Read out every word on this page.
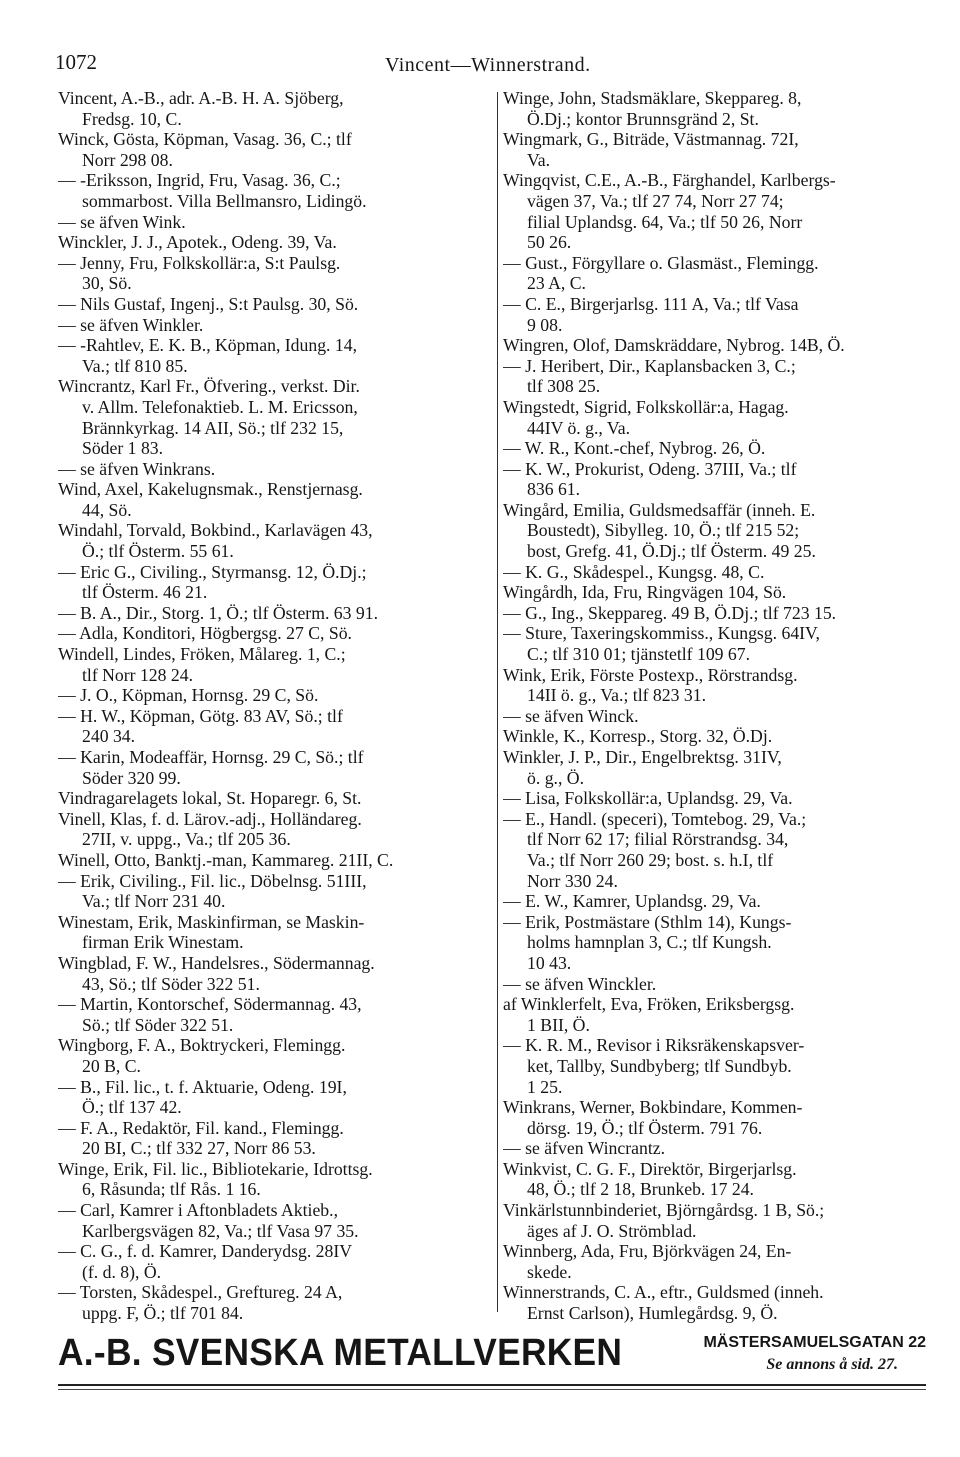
1072	Vincent—Winnerstrand.
Vincent, A.-B., adr. A.-B. H. A. Sjöberg,
Fredsg. 10, C.
Winck, Gösta, Köpman, Vasag. 36, C.; tlf
Norr 298 08.
— -Eriksson, Ingrid, Fru, Vasag. 36, C.;
sommarbost. Villa Bellmansro, Lidingö.
— se äfven Wink.
Winckler, J. J., Apotek., Odeng. 39, Va.
— Jenny, Fru, Folkskollär:a, S:t Paulsg.
30, Sö.
— Nils Gustaf, Ingenj., S:t Paulsg. 30, Sö.
— se äfven Winkler.
— -Rahtlev, E. K. B., Köpman, Idung. 14,
Va.; tlf 810 85.
Wincrantz, Karl Fr., Öfvering., verkst. Dir.
v. Allm. Telefonaktieb. L. M. Ericsson,
Brännkyrkag. 14 AII, Sö.; tlf 232 15,
Söder 1 83.
— se äfven Winkrans.
Wind, Axel, Kakelugnsmak., Renstjernasg.
44, Sö.
Windahl, Torvald, Bokbind., Karlavägen 43,
Ö.; tlf Österm. 55 61.
— Eric G., Civiling., Styrmansg. 12, Ö.Dj.;
tlf Österm. 46 21.
— B. A., Dir., Storg. 1, Ö.; tlf Österm. 63 91.
— Adla, Konditori, Högbergsg. 27 C, Sö.
Windell, Lindes, Fröken, Målareg. 1, C.;
tlf Norr 128 24.
— J. O., Köpman, Hornsg. 29 C, Sö.
— H. W., Köpman, Götg. 83 AV, Sö.; tlf
240 34.
— Karin, Modeaffär, Hornsg. 29 C, Sö.; tlf
Söder 320 99.
Vindragarelagets lokal, St. Hoparegr. 6, St.
Vinell, Klas, f. d. Lärov.-adj., Holländareg.
27II, v. uppg., Va.; tlf 205 36.
Winell, Otto, Banktj.-man, Kammareg. 21II, C.
— Erik, Civiling., Fil. lic., Döbelnsg. 51III,
Va.; tlf Norr 231 40.
Winestam, Erik, Maskinfirman, se Maskin-
firman Erik Winestam.
Wingblad, F. W., Handelsres., Södermannag.
43, Sö.; tlf Söder 322 51.
— Martin, Kontorschef, Södermannag. 43,
Sö.; tlf Söder 322 51.
Wingborg, F. A., Boktryckeri, Flemingg.
20 B, C.
— B., Fil. lic., t. f. Aktuarie, Odeng. 19I,
Ö.; tlf 137 42.
— F. A., Redaktör, Fil. kand., Flemingg.
20 BI, C.; tlf 332 27, Norr 86 53.
Winge, Erik, Fil. lic., Bibliotekarie, Idrottsg.
6, Råsunda; tlf Rås. 1 16.
— Carl, Kamrer i Aftonbladets Aktieb.,
Karlbergsvägen 82, Va.; tlf Vasa 97 35.
— C. G., f. d. Kamrer, Danderydsg. 28IV
(f. d. 8), Ö.
— Torsten, Skådespel., Greftureg. 24 A,
uppg. F, Ö.; tlf 701 84.
Winge, John, Stadsmäklare, Skeppareg. 8,
Ö.Dj.; kontor Brunnsgränd 2, St.
Wingmark, G., Biträde, Västmannag. 72I,
Va.
Wingqvist, C.E., A.-B., Färghandel, Karlbergs-
vägen 37, Va.; tlf 27 74, Norr 27 74;
filial Uplandsg. 64, Va.; tlf 50 26, Norr
50 26.
— Gust., Förgyllare o. Glasmäst., Flemingg.
23 A, C.
— C. E., Birgerjarlsg. 111 A, Va.; tlf Vasa
9 08.
Wingren, Olof, Damskräddare, Nybrog. 14B, Ö.
— J. Heribert, Dir., Kaplansbacken 3, C.;
tlf 308 25.
Wingstedt, Sigrid, Folkskollär:a, Hagag.
44IV ö. g., Va.
— W. R., Kont.-chef, Nybrog. 26, Ö.
— K. W., Prokurist, Odeng. 37III, Va.; tlf
836 61.
Wingård, Emilia, Guldsmedsaffär (inneh. E.
Boustedt), Sibylleg. 10, Ö.; tlf 215 52;
bost, Grefg. 41, Ö.Dj.; tlf Österm. 49 25.
— K. G., Skådespel., Kungsg. 48, C.
Wingårdh, Ida, Fru, Ringvägen 104, Sö.
— G., Ing., Skeppareg. 49 B, Ö.Dj.; tlf 723 15.
— Sture, Taxeringskommiss., Kungsg. 64IV,
C.; tlf 310 01; tjänstetlf 109 67.
Wink, Erik, Förste Postexp., Rörstrandsg.
14II ö. g., Va.; tlf 823 31.
— se äfven Winck.
Winkle, K., Korresp., Storg. 32, Ö.Dj.
Winkler, J. P., Dir., Engelbrektsg. 31IV,
ö. g., Ö.
— Lisa, Folkskollär:a, Uplandsg. 29, Va.
— E., Handl. (speceri), Tomtebog. 29, Va.;
tlf Norr 62 17; filial Rörstrandsg. 34,
Va.; tlf Norr 260 29; bost. s. h.I, tlf
Norr 330 24.
— E. W., Kamrer, Uplandsg. 29, Va.
— Erik, Postmästare (Sthlm 14), Kungs-
holms hamnplan 3, C.; tlf Kungsh.
10 43.
— se äfven Winckler.
af Winklerfelt, Eva, Fröken, Eriksbergsg.
1 BII, Ö.
— K. R. M., Revisor i Riksräkenskapsver-
ket, Tallby, Sundbyberg; tlf Sundbyb.
1 25.
Winkrans, Werner, Bokbindare, Kommen-
dörsg. 19, Ö.; tlf Österm. 791 76.
— se äfven Wincrantz.
Winkvist, C. G. F., Direktör, Birgerjarlsg.
48, Ö.; tlf 2 18, Brunkeb. 17 24.
Vinkärlstunnbinderiet, Björngårdsg. 1 B, Sö.;
äges af J. O. Strömblad.
Winnberg, Ada, Fru, Björkvägen 24, En-
skede.
Winnerstrands, C. A., eftr., Guldsmed (inneh.
Ernst Carlson), Humlegårdsg. 9, Ö.
A.-B. SVENSKA METALLVERKEN	MÄSTERSAMUELSGATAN 22
Se annons å sid. 27.
